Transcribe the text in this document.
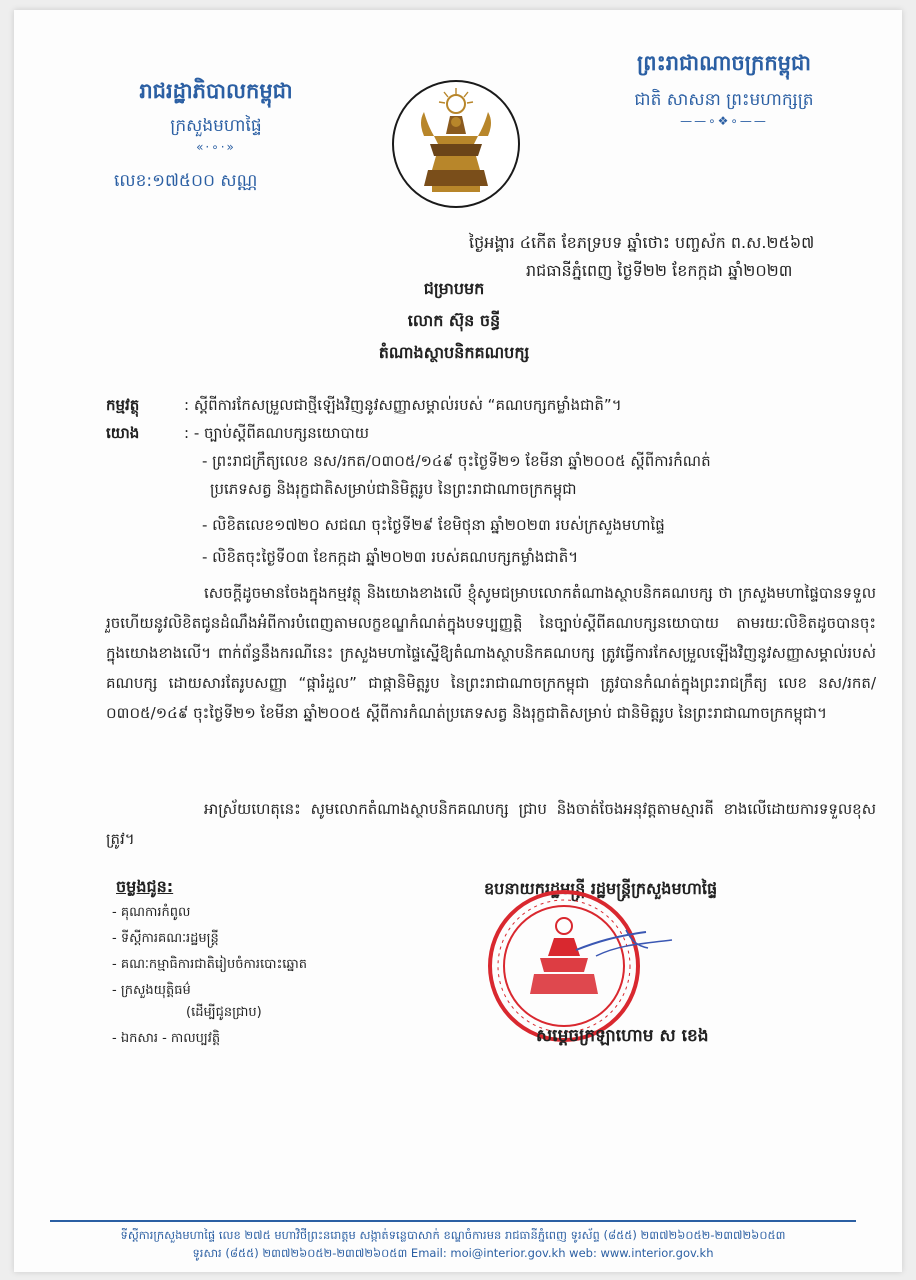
រាជរដ្ឋាភិបាលកម្ពុជា
ក្រសួងមហាផ្ទៃ
«·∘·»
លេខ:១៧៥០០ សណ្ណ
ព្រះរាជាណាចក្រកម្ពុជា
ជាតិ សាសនា ព្រះមហាក្សត្រ
——∘❖∘——
ថ្ងៃអង្គារ ៤កើត ខែភទ្របទ ឆ្នាំថោះ បញ្ចស័ក ព.ស.២៥៦៧
រាជធានីភ្នំពេញ ថ្ងៃទី២២ ខែកក្កដា ឆ្នាំ២០២៣
ជម្រាបមក
លោក ស៊ុន ចន្ធី
តំណាងស្ថាបនិកគណបក្ស
កម្មវត្ថុ	: ស្តីពីការកែសម្រួលជាថ្មីឡើងវិញនូវសញ្ញាសម្គាល់របស់ “គណបក្សកម្លាំងជាតិ”។
យោង	: - ច្បាប់ស្តីពីគណបក្សនយោបាយ
- ព្រះរាជក្រឹត្យលេខ នស/រកត/០៣០៥/១៤៩ ចុះថ្ងៃទី២១ ខែមីនា ឆ្នាំ២០០៥ ស្តីពីការកំណត់
ប្រភេទសត្វ និងរុក្ខជាតិសម្រាប់ជានិមិត្តរូប នៃព្រះរាជាណាចក្រកម្ពុជា
- លិខិតលេខ១៧២០ សជណ ចុះថ្ងៃទី២៩ ខែមិថុនា ឆ្នាំ២០២៣ របស់ក្រសួងមហាផ្ទៃ
- លិខិតចុះថ្ងៃទី០៣ ខែកក្កដា ឆ្នាំ២០២៣ របស់គណបក្សកម្លាំងជាតិ។
សេចក្តីដូចមានចែងក្នុងកម្មវត្ថុ និងយោងខាងលើ ខ្ញុំសូមជម្រាបលោកតំណាងស្ថាបនិកគណបក្ស ថា ក្រសួងមហាផ្ទៃបានទទួលរួចហើយនូវលិខិតជូនដំណឹងអំពីការបំពេញតាមលក្ខខណ្ឌកំណត់ក្នុងបទប្បញ្ញត្តិ នៃច្បាប់ស្តីពីគណបក្សនយោបាយ តាមរយៈលិខិតដូចបានចុះក្នុងយោងខាងលើ។ ពាក់ព័ន្ធនឹងករណីនេះ ក្រសួងមហាផ្ទៃស្នើឱ្យតំណាងស្ថាបនិកគណបក្ស ត្រូវធ្វើការកែសម្រួលឡើងវិញនូវសញ្ញាសម្គាល់របស់គណបក្ស ដោយសារតែរូបសញ្ញា “ផ្ការំដួល” ជាផ្កានិមិត្តរូប នៃព្រះរាជាណាចក្រកម្ពុជា ត្រូវបានកំណត់ក្នុងព្រះរាជក្រឹត្យ លេខ នស/រកត/០៣០៥/១៤៩ ចុះថ្ងៃទី២១ ខែមីនា ឆ្នាំ២០០៥ ស្តីពីការកំណត់ប្រភេទសត្វ និងរុក្ខជាតិសម្រាប់ ជានិមិត្តរូប នៃព្រះរាជាណាចក្រកម្ពុជា។
អាស្រ័យហេតុនេះ សូមលោកតំណាងស្ថាបនិកគណបក្ស ជ្រាប និងចាត់ចែងអនុវត្តតាមស្មារតី ខាងលើដោយការទទួលខុសត្រូវ។
ចម្លងជូន:
- គុណការកំពូល
- ទីស្តីការគណៈរដ្ឋមន្ត្រី
- គណៈកម្មាធិការជាតិរៀបចំការបោះឆ្នោត
- ក្រសួងយុត្តិធម៌
(ដើម្បីជូនជ្រាប)
- ឯកសារ - កាលប្បវត្តិ
ឧបនាយករដ្ឋមន្ត្រី រដ្ឋមន្ត្រីក្រសួងមហាផ្ទៃ
សម្តេចក្រឡាហោម ស ខេង
ទីស្តីការក្រសួងមហាផ្ទៃ លេខ ២៧៥ មហាវិថីព្រះនរោត្តម សង្កាត់ទន្លេបាសាក់ ខណ្ឌចំការមន រាជធានីភ្នំពេញ ទូរស័ព្ទ (៨៥៥) ២៣៧២៦០៥២-២៣៧២៦០៥៣
ទូរសារ (៨៥៥) ២៣៧២៦០៥២-២៣៧២៦០៥៣ Email: moi@interior.gov.kh web: www.interior.gov.kh
